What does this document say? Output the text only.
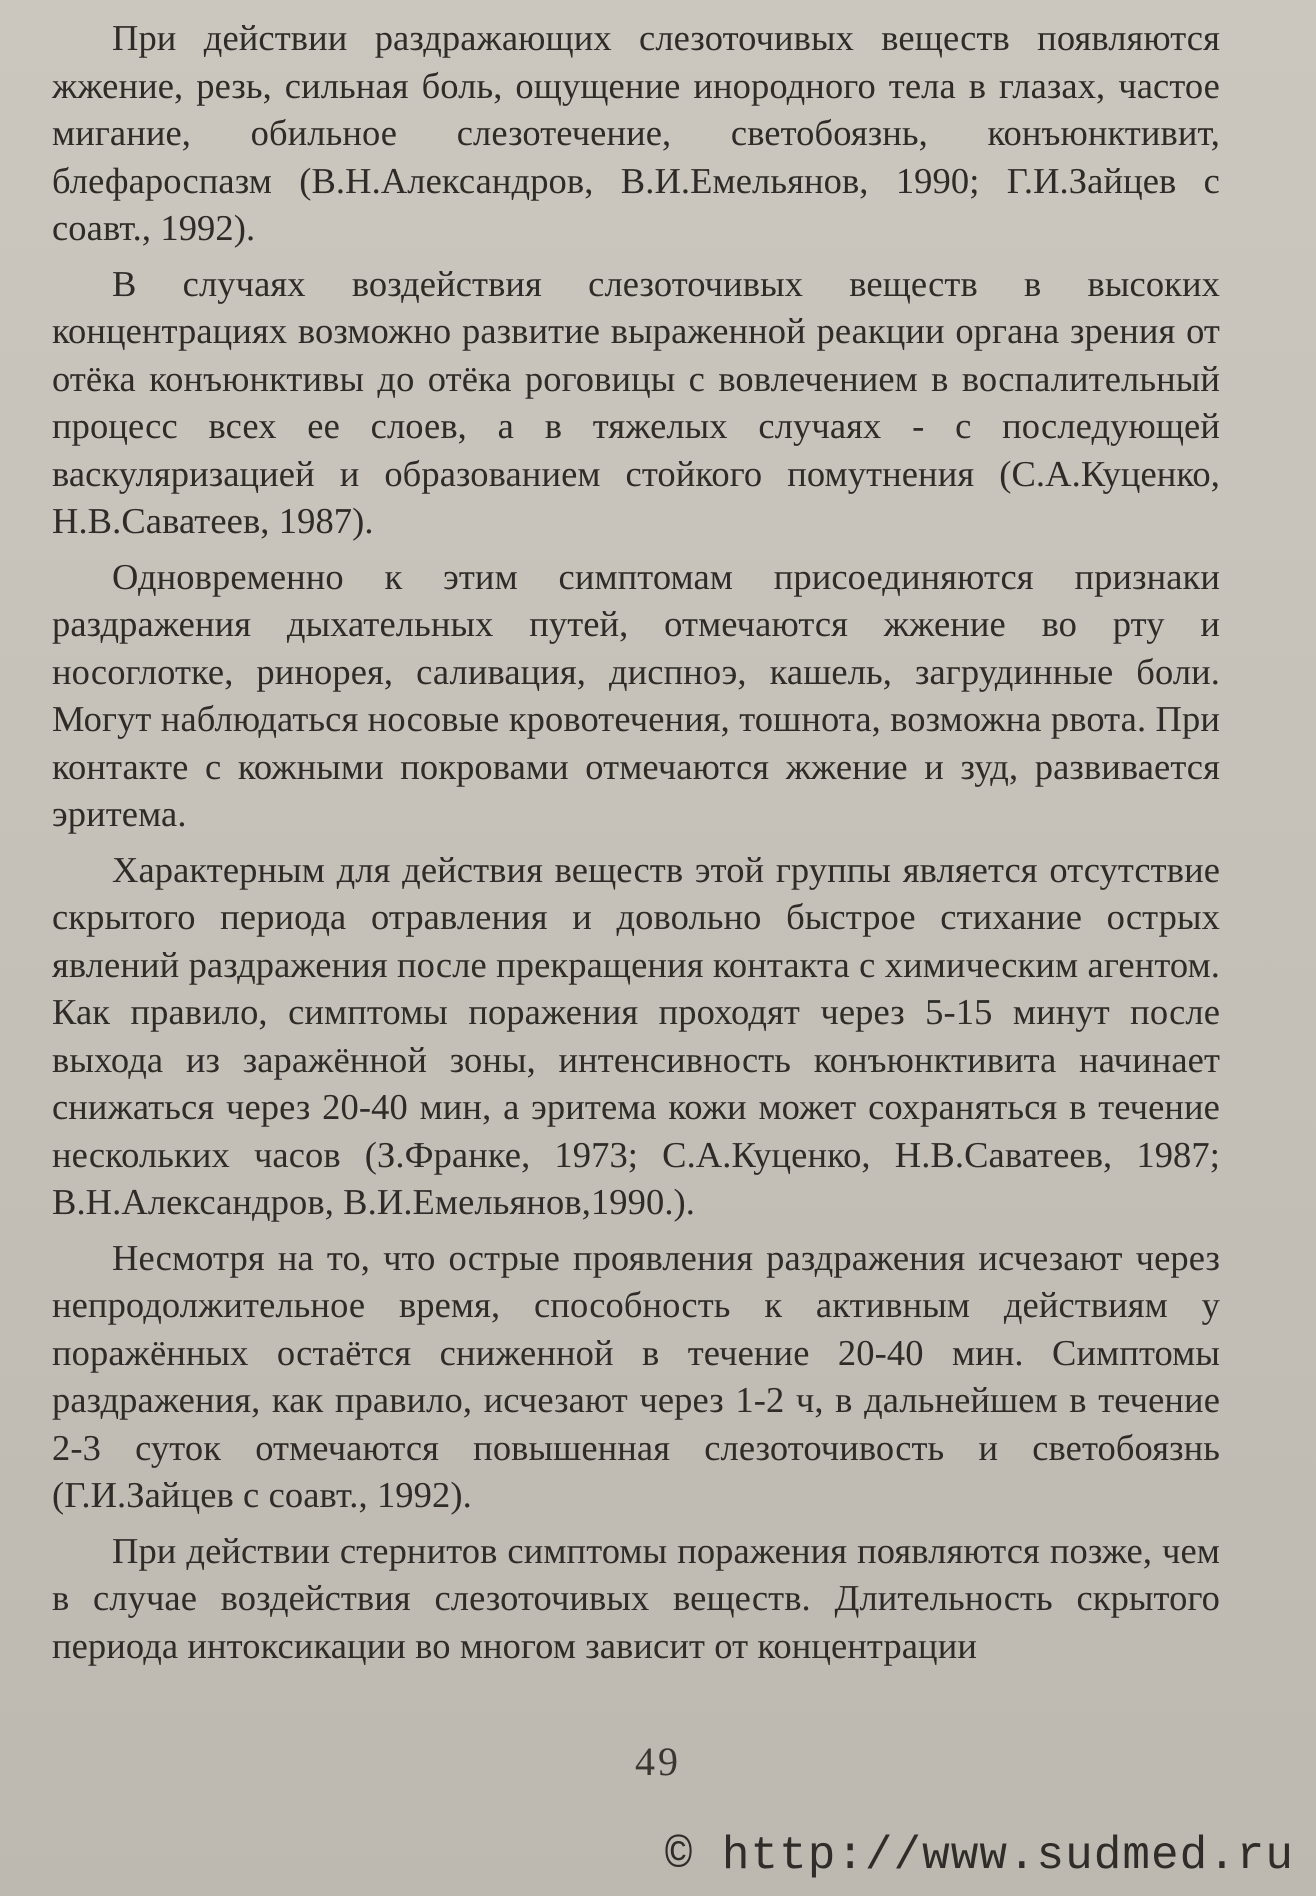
При действии раздражающих слезоточивых веществ появляются жжение, резь, сильная боль, ощущение инородного тела в глазах, частое мигание, обильное слезотечение, светобоязнь, конъюнктивит, блефароспазм (В.Н.Александров, В.И.Емельянов, 1990; Г.И.Зайцев с соавт., 1992).

В случаях воздействия слезоточивых веществ в высоких концентрациях возможно развитие выраженной реакции органа зрения от отёка конъюнктивы до отёка роговицы с вовлечением в воспалительный процесс всех ее слоев, а в тяжелых случаях - с последующей васкуляризацией и образованием стойкого помутнения (С.А.Куценко, Н.В.Саватеев, 1987).

Одновременно к этим симптомам присоединяются признаки раздражения дыхательных путей, отмечаются жжение во рту и носоглотке, ринорея, саливация, диспноэ, кашель, загрудинные боли. Могут наблюдаться носовые кровотечения, тошнота, возможна рвота. При контакте с кожными покровами отмечаются жжение и зуд, развивается эритема.

Характерным для действия веществ этой группы является отсутствие скрытого периода отравления и довольно быстрое стихание острых явлений раздражения после прекращения контакта с химическим агентом. Как правило, симптомы поражения проходят через 5-15 минут после выхода из заражённой зоны, интенсивность конъюнктивита начинает снижаться через 20-40 мин, а эритема кожи может сохраняться в течение нескольких часов (З.Франке, 1973; С.А.Куценко, Н.В.Саватеев, 1987; В.Н.Александров, В.И.Емельянов,1990.).

Несмотря на то, что острые проявления раздражения исчезают через непродолжительное время, способность к активным действиям у поражённых остаётся сниженной в течение 20-40 мин. Симптомы раздражения, как правило, исчезают через 1-2 ч, в дальнейшем в течение 2-3 суток отмечаются повышенная слезоточивость и светобоязнь (Г.И.Зайцев с соавт., 1992).

При действии стернитов симптомы поражения появляются позже, чем в случае воздействия слезоточивых веществ. Длительность скрытого периода интоксикации во многом зависит от концентрации

49
© http://www.sudmed.ru
